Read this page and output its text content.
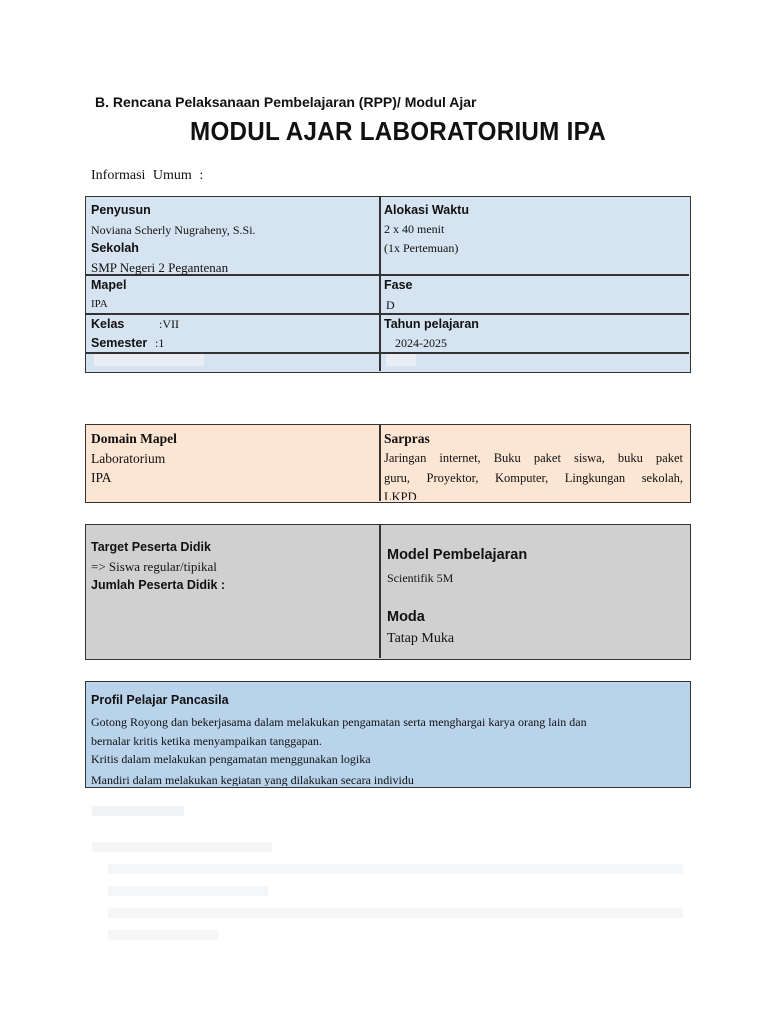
B. Rencana Pelaksanaan Pembelajaran (RPP)/ Modul Ajar
MODUL AJAR LABORATORIUM IPA
Informasi Umum :
Penyusun
Noviana Scherly Nugraheny, S.Si.
Sekolah
SMP Negeri 2 Pegantenan
Alokasi Waktu
2 x 40 menit
(1x Pertemuan)
Mapel
IPA
Fase
D
Kelas	:VII
Semester :1
Tahun pelajaran
2024-2025
Domain Mapel
Laboratorium
IPA
Sarpras
Jaringan internet, Buku paket siswa, buku paket
guru, Proyektor, Komputer, Lingkungan sekolah,
LKPD
Target Peserta Didik
=> Siswa regular/tipikal
Jumlah Peserta Didik :
Model Pembelajaran
Scientifik 5M
Moda
Tatap Muka
Profil Pelajar Pancasila
Gotong Royong dan bekerjasama dalam melakukan pengamatan serta menghargai karya orang lain dan
bernalar kritis ketika menyampaikan tanggapan.
Kritis dalam melakukan pengamatan menggunakan logika
Mandiri dalam melakukan kegiatan yang dilakukan secara individu
